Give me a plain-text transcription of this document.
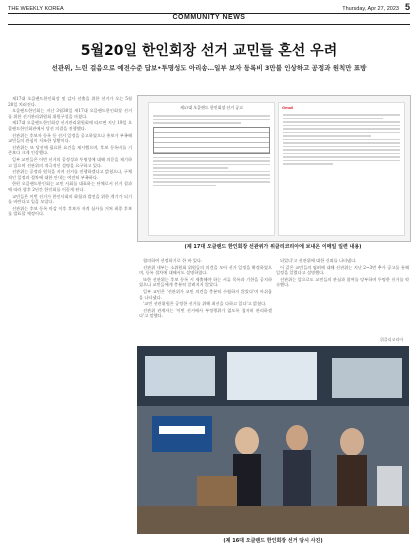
THE WEEKLY KOREA	Thursday, Apr 27, 2023 5
COMMUNITY NEWS
5월20일 한인회장 선거 교민들 혼선 우려
선관위, 느린 걸음으로 예전수준 답보•투명성도 아리송…일부 보자 등록비 3만불 인상하고 공정과 원칙만 표방

제17대 오클랜드한인회장 및 감사 선출을 위한 선거가 오는 5월20일 치러진다.

오클랜드한인회는 지난 3월30일 제17대 오클랜드한인회장 선거를 위한 선거관리위원회 위원구성을 마쳤다.

제17대 오클랜드한인회장 선거관리위원회에 따르면 지난 19일 오클랜드한인회관에서 당선 의결을 진행했다.

선관위는 후보자 등록 등 선거 일정을 공고하였으나 홍보가 부족해 교민들의 관심이 저조한 상황이다.

선관위는 또 당선에 필요한 요건을 제시했으며, 후보 등록비를 기존보다 크게 인상했다.

일부 교민들은 이번 선거의 공정성과 투명성에 대해 의문을 제기하고 있으며 선관위의 적극적인 설명을 요구하고 있다.

선관위는 공정과 원칙을 지켜 선거를 진행하겠다고 밝혔으나, 구체적인 일정과 절차에 대한 안내는 여전히 부족하다.

한편 오클랜드한인회는 교민 사회를 대표하는 단체로서 선거 결과에 따라 향후 2년간 한인회를 이끌게 된다.

교민들은 이번 선거가 한인사회의 화합과 발전을 위한 계기가 되기를 바란다고 입을 모았다.

선관위는 후보 등록 마감 이후 후보자 자격 심사를 거쳐 최종 후보를 발표할 예정이다.

제17대 오클랜드 한인회장 선거 공고	Gmail
(제 17대 오클랜드 한인회장 선관위가 위클리코리아에 보내온 이메일 일련 내용)

협의하여 선정하기로 한 바 있다.

선관위 내부는 소위원회 위원들의 의견을 모아 선거 일정을 확정하였으며, 등록 절차에 대해서도 설명하였다.

또한 선관위는 후보 등록 시 제출해야 하는 서류 목록과 기한을 공지하였으나 교민들에게 충분히 알려지지 않았다.

일부 교민은 '선관위가 교민 의견을 충분히 수렴하지 않았다'며 아쉬움을 나타냈다.

'교민 선관위원은 공정한 선거를 위해 최선을 다하고 있다'고 밝혔다.

선관위 관계자는 '이번 선거에서 부정행위가 없도록 철저히 관리하겠다'고 말했다.

되었다'고 선관위에 대한 신뢰를 나타냈다.

이 같은 교민들의 염려에 대해 선관위는 지난 2~3번 추가 공고를 통해 일정을 알렸다고 설명했다.

선관위는 앞으로도 교민들의 관심과 참여를 당부하며 투명한 선거를 약속했다.

위클리코리아
(제 16대 오클랜드 한인회장 선거 당시 사진)
